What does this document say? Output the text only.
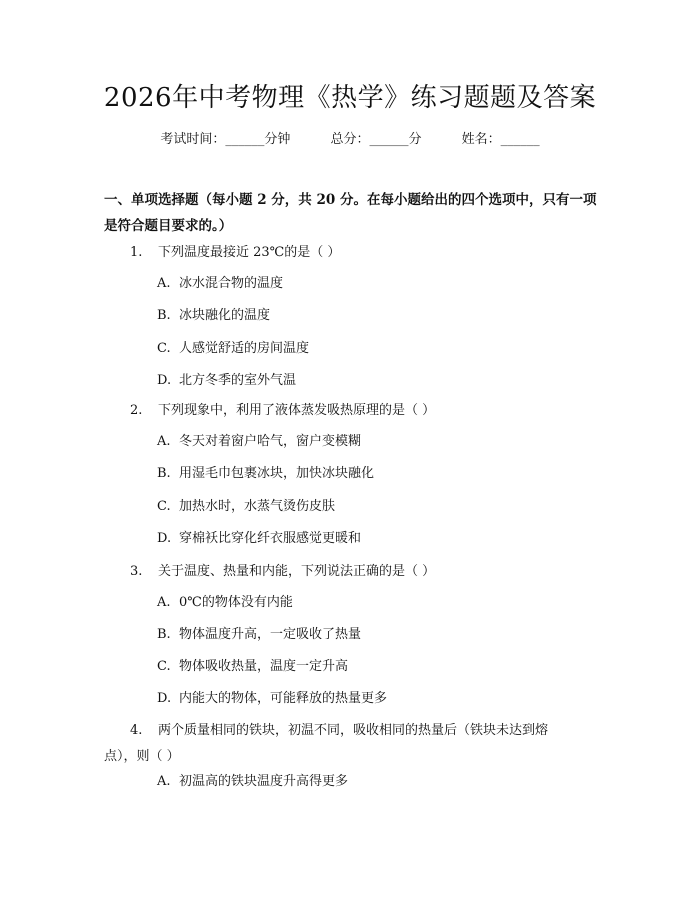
2026年中考物理《热学》练习题题及答案
考试时间：______分钟	总分：______分	姓名：______
一、单项选择题（每小题 2 分，共 20 分。在每小题给出的四个选项中，只有一项
是符合题目要求的。）
1. 下列温度最接近 23℃的是（ ）
A. 冰水混合物的温度
B. 冰块融化的温度
C. 人感觉舒适的房间温度
D. 北方冬季的室外气温
2. 下列现象中，利用了液体蒸发吸热原理的是（ ）
A. 冬天对着窗户哈气，窗户变模糊
B. 用湿毛巾包裹冰块，加快冰块融化
C. 加热水时，水蒸气烫伤皮肤
D. 穿棉袄比穿化纤衣服感觉更暖和
3. 关于温度、热量和内能，下列说法正确的是（ ）
A. 0℃的物体没有内能
B. 物体温度升高，一定吸收了热量
C. 物体吸收热量，温度一定升高
D. 内能大的物体，可能释放的热量更多
4. 两个质量相同的铁块，初温不同，吸收相同的热量后（铁块未达到熔
点），则（ ）
A. 初温高的铁块温度升高得更多
